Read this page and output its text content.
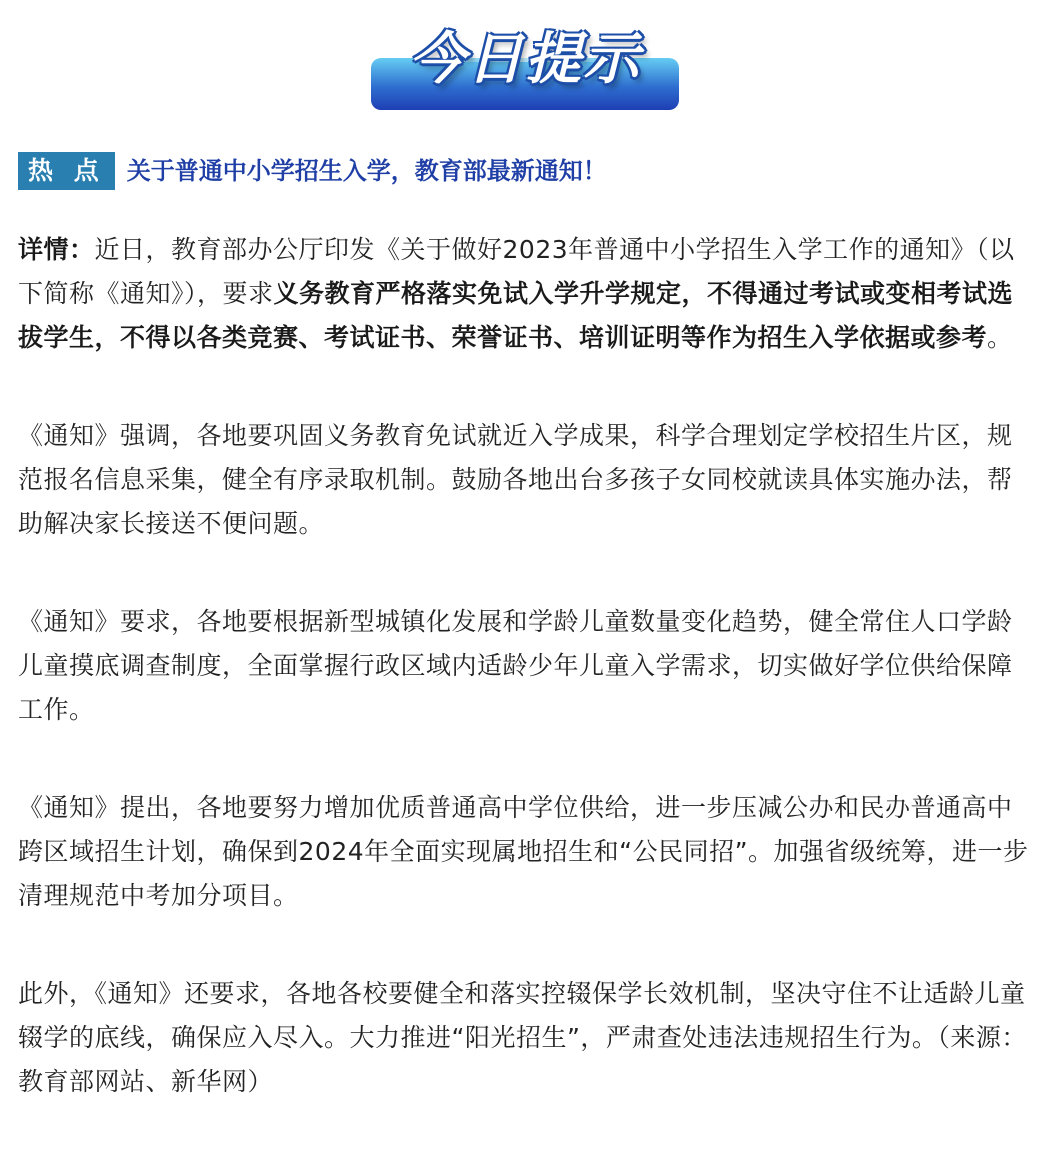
今日提示
热 点 关于普通中小学招生入学，教育部最新通知！

详情：近日，教育部办公厅印发《关于做好2023年普通中小学招生入学工作的通知》（以下简称《通知》），要求义务教育严格落实免试入学升学规定，不得通过考试或变相考试选拔学生，不得以各类竞赛、考试证书、荣誉证书、培训证明等作为招生入学依据或参考。

《通知》强调，各地要巩固义务教育免试就近入学成果，科学合理划定学校招生片区，规范报名信息采集，健全有序录取机制。鼓励各地出台多孩子女同校就读具体实施办法，帮助解决家长接送不便问题。

《通知》要求，各地要根据新型城镇化发展和学龄儿童数量变化趋势，健全常住人口学龄儿童摸底调查制度，全面掌握行政区域内适龄少年儿童入学需求，切实做好学位供给保障工作。

《通知》提出，各地要努力增加优质普通高中学位供给，进一步压减公办和民办普通高中跨区域招生计划，确保到2024年全面实现属地招生和“公民同招”。加强省级统筹，进一步清理规范中考加分项目。

此外，《通知》还要求，各地各校要健全和落实控辍保学长效机制，坚决守住不让适龄儿童辍学的底线，确保应入尽入。大力推进“阳光招生”，严肃查处违法违规招生行为。（来源：教育部网站、新华网）
